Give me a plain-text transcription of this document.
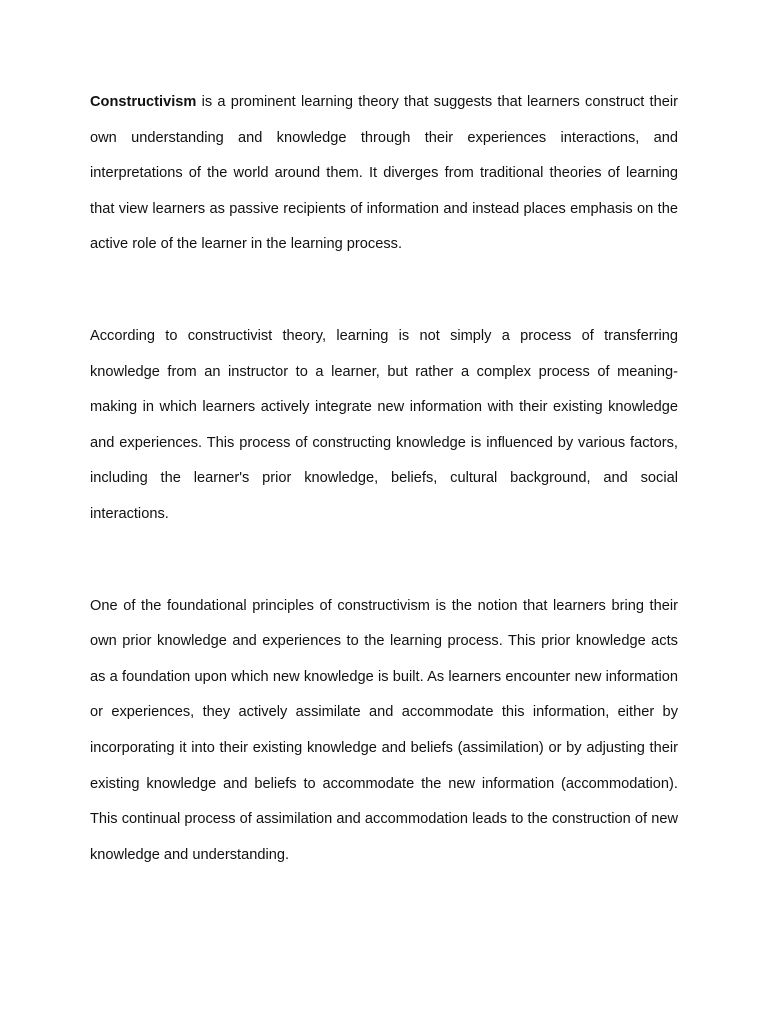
Constructivism is a prominent learning theory that suggests that learners construct their own understanding and knowledge through their experiences interactions, and interpretations of the world around them. It diverges from traditional theories of learning that view learners as passive recipients of information and instead places emphasis on the active role of the learner in the learning process.

According to constructivist theory, learning is not simply a process of transferring knowledge from an instructor to a learner, but rather a complex process of meaning-making in which learners actively integrate new information with their existing knowledge and experiences. This process of constructing knowledge is influenced by various factors, including the learner's prior knowledge, beliefs, cultural background, and social interactions.

One of the foundational principles of constructivism is the notion that learners bring their own prior knowledge and experiences to the learning process. This prior knowledge acts as a foundation upon which new knowledge is built. As learners encounter new information or experiences, they actively assimilate and accommodate this information, either by incorporating it into their existing knowledge and beliefs (assimilation) or by adjusting their existing knowledge and beliefs to accommodate the new information (accommodation). This continual process of assimilation and accommodation leads to the construction of new knowledge and understanding.
